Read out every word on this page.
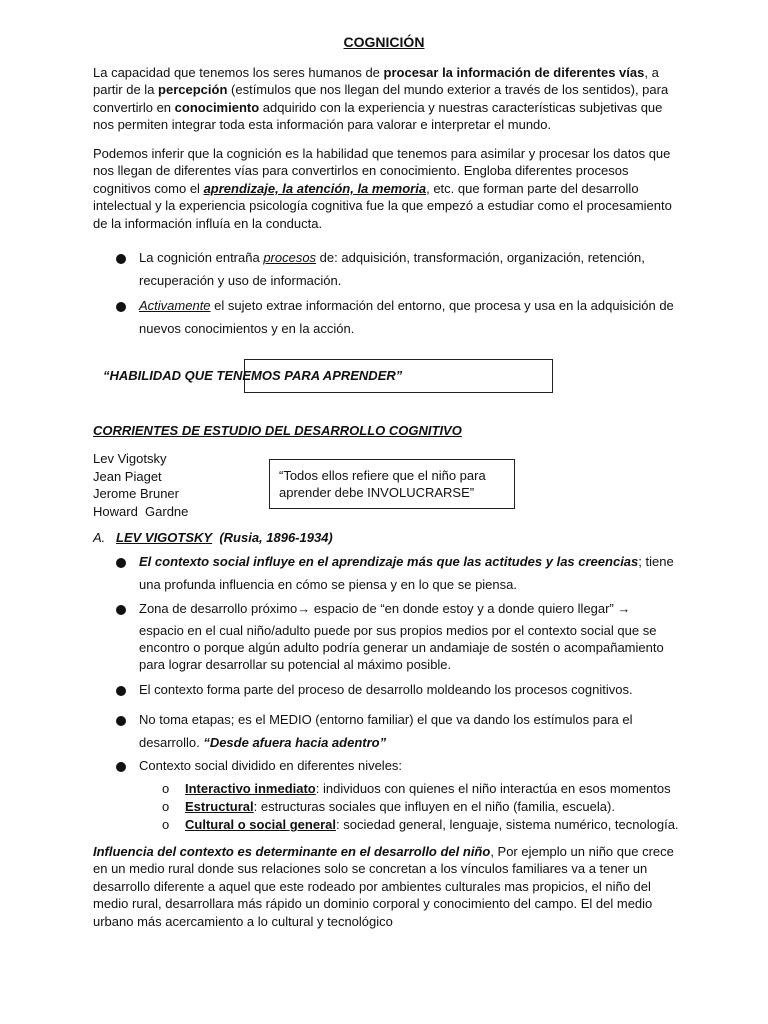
COGNICIÓN
La capacidad que tenemos los seres humanos de procesar la información de diferentes vías, a partir de la percepción (estímulos que nos llegan del mundo exterior a través de los sentidos), para convertirlo en conocimiento adquirido con la experiencia y nuestras características subjetivas que nos permiten integrar toda esta información para valorar e interpretar el mundo.
Podemos inferir que la cognición es la habilidad que tenemos para asimilar y procesar los datos que nos llegan de diferentes vías para convertirlos en conocimiento. Engloba diferentes procesos cognitivos como el aprendizaje, la atención, la memoria, etc. que forman parte del desarrollo intelectual y la experiencia psicología cognitiva fue la que empezó a estudiar como el procesamiento de la información influía en la conducta.
La cognición entraña procesos de: adquisición, transformación, organización, retención, recuperación y uso de información.
Activamente el sujeto extrae información del entorno, que procesa y usa en la adquisición de nuevos conocimientos y en la acción.
“HABILIDAD QUE TENEMOS PARA APRENDER”
CORRIENTES DE ESTUDIO DEL DESARROLLO COGNITIVO
Lev Vigotsky
Jean Piaget
Jerome Bruner
Howard  Gardne
“Todos ellos refiere que el niño para aprender debe INVOLUCRARSE”
A. LEV VIGOTSKY (Rusia, 1896-1934)
El contexto social influye en el aprendizaje más que las actitudes y las creencias; tiene una profunda influencia en cómo se piensa y en lo que se piensa.
Zona de desarrollo próximo→ espacio de “en donde estoy y a donde quiero llegar” →
espacio en el cual niño/adulto puede por sus propios medios por el contexto social que se encontro o porque algún adulto podría generar un andamiaje de sostén o acompañamiento para lograr desarrollar su potencial al máximo posible.
El contexto forma parte del proceso de desarrollo moldeando los procesos cognitivos.
No toma etapas; es el MEDIO (entorno familiar) el que va dando los estímulos para el desarrollo. “Desde afuera hacia adentro”
Contexto social dividido en diferentes niveles:
o Interactivo inmediato: individuos con quienes el niño interactúa en esos momentos
o Estructural: estructuras sociales que influyen en el niño (familia, escuela).
o Cultural o social general: sociedad general, lenguaje, sistema numérico, tecnología.
Influencia del contexto es determinante en el desarrollo del niño, Por ejemplo un niño que crece en un medio rural donde sus relaciones solo se concretan a los vínculos familiares va a tener un desarrollo diferente a aquel que este rodeado por ambientes culturales mas propicios, el niño del medio rural, desarrollara más rápido un dominio corporal y conocimiento del campo. El del medio urbano más acercamiento a lo cultural y tecnológico
